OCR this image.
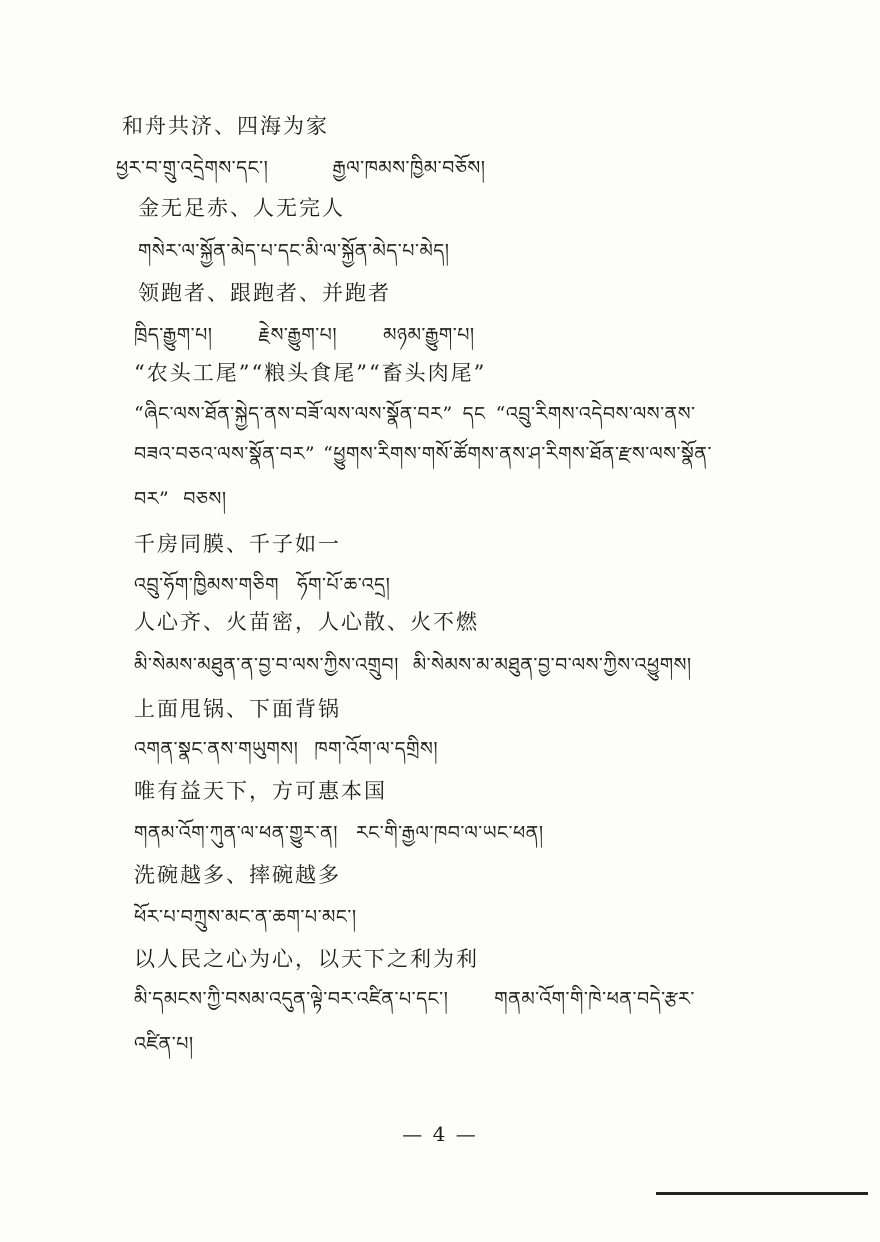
和舟共济、四海为家
ཕྱར་བ་གྲུ་འདྲེགས་དང་།	རྒྱལ་ཁམས་ཁྱིམ་བཅོས།
金无足赤、人无完人
གསེར་ལ་སྐྱོན་མེད་པ་དང་མི་ལ་སྐྱོན་མེད་པ་མེད།
领跑者、跟跑者、并跑者
ཁྲིད་རྒྱུག་པ། རྗེས་རྒྱུག་པ། མཉམ་རྒྱུག་པ།
“农头工尾”“粮头食尾”“畜头肉尾”
“ཞིང་ལས་ཐོན་སྐྱེད་ནས་བཟོ་ལས་ལས་སྣོན་བར” དང “འབྲུ་རིགས་འདེབས་ལས་ནས་
བཟའ་བཅའ་ལས་སྣོན་བར” “ཕྱུགས་རིགས་གསོ་ཚོགས་ནས་ཤ་རིགས་ཐོན་རྫས་ལས་སྣོན་
བར” བཅས།
千房同膜、千子如一
འབྲུ་ཧོག་ཁྱིམས་གཅིག ཧོག་པོ་ཆ་འདྲ།
人心齐、火苗密，人心散、火不燃
མི་སེམས་མཐུན་ན་བྱ་བ་ལས་ཀྱིས་འགྲུབ། མི་སེམས་མ་མཐུན་བྱ་བ་ལས་ཀྱིས་འཕྱུགས།
上面甩锅、下面背锅
འགན་སྣང་ནས་གཡུགས། ཁག་འོག་ལ་དགྲིས།
唯有益天下，方可惠本国
གནམ་འོག་ཀུན་ལ་ཕན་གྱུར་ན། རང་གི་རྒྱལ་ཁབ་ལ་ཡང་ཕན།
洗碗越多、摔碗越多
ཕོར་པ་བཀྲུས་མང་ན་ཆག་པ་མང་།
以人民之心为心，以天下之利为利
མི་དམངས་ཀྱི་བསམ་འདུན་ལྟེ་བར་འཛིན་པ་དང་། གནམ་འོག་གི་ཁེ་ཕན་བདེ་རྩར་
འཛིན་པ།
— 4 —
